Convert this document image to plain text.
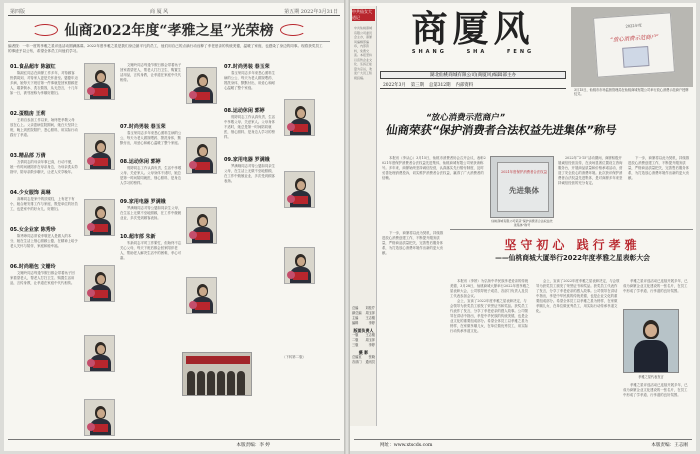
第四版	商 厦 风	第五期 2022年3月31日
仙商2022年度“孝雅之星”光荣榜
编者按：一年一度的孝雅之星评选活动圆满落幕。2022年度孝雅之星是我们身边最平凡的员工，他们用自己的点滴行动诠释了孝老爱亲的传统美德，温暖了家庭，也感染了身边的同事。现将获奖员工的事迹予以公布，希望全体员工向他们学习。
01.食品超市 陈淑红

陈淑红同志在商厦工作多年，对待顾客热情周到，对待家人更是关怀备至。婆婆年迈多病，她每天下班后第一件事就是回家照顾老人，端茶倒水、洗衣做饭，从无怨言，十几年如一日，被邻里称为孝顺好媳妇。

02.蛋糕房 王莉

王莉自参加工作以来，始终把孝敬父母放在心上。父亲患病住院期间，她白天坚持上班，晚上到医院陪护，悉心照料，用实际行动践行了孝道。

03.精品部 万倩

万倩同志的母亲年事已高，行动不便，她一有时间就陪伴在母亲身边，为母亲洗头剪指甲，陪母亲散步聊天，让老人安享晚年。

04.少女服饰 高琳

高琳同志是家中的顶梁柱，上有老下有小，她合理安排工作与家庭，既是单位的好员工，也是家中的好女儿、好媳妇。

05.女企业家 陈秀珍

陈秀珍同志常说孝敬老人是做人的本分，她在生活上细心照顾公婆，在精神上给予老人关怀与陪伴，家庭和睦幸福。

06.时尚箱包 文姗玲

文姗玲同志每逢节假日都会带着孩子回家看望老人，帮老人打扫卫生、购置生活用品，言传身教，让孝道在家庭中代代相传。

文姗玲同志每逢节假日都会带着孩子回家看望老人，帮老人打扫卫生、购置生活用品，言传身教，让孝道在家庭中代代相传。

07.时尚男装 春玉荣

春玉荣同志多年来悉心照料生病的公公，每天为老人做饭喂药、擦洗身体，默默付出，用爱心和耐心温暖了整个家庭。

08.运动休闲 郭婷

郭婷同志工作认真负责，生活中孝敬父母、关爱家人。父母身体不适时，她总是第一时间陪同就医，细心照料，是身边人学习的榜样。

09.家用电器 罗满娥

罗满娥同志对待公婆如同亲生父母，在生活上无微不至地照顾，在工作中兢兢业业，多次受到顾客表扬。

10.超市部 朱新

朱新同志平时工作繁忙，但始终不忘关心父母，每天下班后都会回家陪伴老人，帮助老人解决生活中的困难，孝心可嘉。

07.时尚男装 春玉荣

春玉荣同志多年来悉心照料生病的公公，每天为老人做饭喂药、擦洗身体，默默付出，用爱心和耐心温暖了整个家庭。

08.运动休闲 郭婷

郭婷同志工作认真负责，生活中孝敬父母、关爱家人。父母身体不适时，她总是第一时间陪同就医，细心照料，是身边人学习的榜样。

09.家用电器 罗满娥

罗满娥同志对待公婆如同亲生父母，在生活上无微不至地照顾，在工作中兢兢业业，多次受到顾客表扬。

（下转第二版）

本版责编：李 婷
中共仙女大道记
中共仙桃商城有限公司委员会主办，商厦风编辑部编印，内部资料，免费交流。本报坚持以宣传企业文化、弘扬正能量为宗旨，欢迎广大员工积极投稿。
总编 刘桂芹
副总编 周玉萍
主编 王志刚
编辑	李婷
版面负责人
一版 王志刚
二版 周玉萍
三版	李婷
摄 影
总编室 张晓
各部门 通讯员
商厦风
SHANG	SHA	FENG
湖北仙桃商城有限公司(商厦风)编辑部主办
2022年3月 第三期 总第312期 内部资料
2022年度
“放心消费示范商户”
3月15日，仙桃市市场监督管理局在仙桃商城有限公司举行放心消费示范商户授牌仪式。
“放心消费示范商户”
仙商荣获“保护消费者合法权益先进集体”称号

本报讯（李从心）3月15日，仙桃市消费者协会召开会议，表彰2021年度保护消费者合法权益先进集体，仙桃商城有限公司荣获该称号。多年来，商厦始终坚持诚信经营，认真落实先行赔付制度，及时妥善处理消费投诉，切实维护消费者合法权益，赢得了广大消费者的信赖。

2021年度保护消费者合法权益
先进集体
仙桃商城有限公司荣获“保护消费者合法权益先进集体”称号

2022年“3·15”活动期间，商厦积极开展诚信经营宣传，在卖场显著位置设立咨询服务台，开展商品质量和价格承诺活动，营造了安全放心的消费环境。此次获评保护消费者合法权益先进集体，是对商厦多年来坚持诚信经营的充分肯定。

下一步，商厦将以此为契机，持续推进放心消费创建工作，不断提升服务质量，严格商品质量把关，完善售后服务体系，为打造放心消费环境作出新的更大贡献。

下一步，商厦将以此为契机，持续推进放心消费创建工作，不断提升服务质量，严格商品质量把关，完善售后服务体系，为打造放心消费环境作出新的更大贡献。

坚守初心 践行孝雅
——仙桃商城大厦举行2022年度孝雅之星表彰大会

本报讯（李婷）为弘扬中华民族孝老爱亲的传统美德，3月28日，仙桃商城大厦举行2022年度孝雅之星表彰大会，公司领导班子成员、各部门负责人及员工代表参加会议。

会上，宣读了2022年度孝雅之星表彰决定，与会领导为获奖员工颁发了荣誉证书和奖品。获奖员工代表作了发言，分享了孝老爱亲的感人故事。公司领导在讲话中指出，孝是中华民族的传统美德，也是企业文化的重要组成部分。希望全体员工以孝雅之星为榜样，在家做孝顺儿女，在单位做优秀员工，用实际行动传承孝道文化。

会上，宣读了2022年度孝雅之星表彰决定，与会领导为获奖员工颁发了荣誉证书和奖品。获奖员工代表作了发言，分享了孝老爱亲的感人故事。公司领导在讲话中指出，孝是中华民族的传统美德，也是企业文化的重要组成部分。希望全体员工以孝雅之星为榜样，在家做孝顺儿女，在单位做优秀员工，用实际行动传承孝道文化。

孝雅之星评选活动已连续开展多年，已成为商厦企业文化建设的一张名片，在员工中形成了学孝道、行孝道的良好氛围。

孝雅之星代表发言

孝雅之星评选活动已连续开展多年，已成为商厦企业文化建设的一张名片，在员工中形成了学孝道、行孝道的良好氛围。

网址：www.xtscds.com	本版责编：王志刚
